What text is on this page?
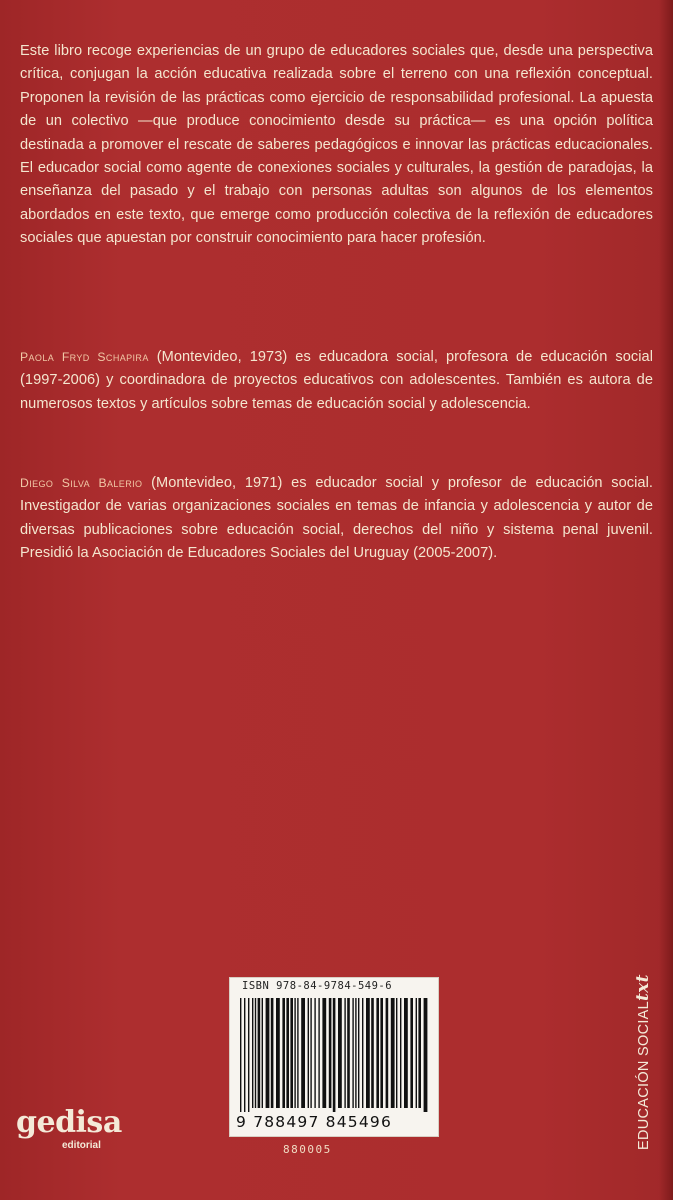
Este libro recoge experiencias de un grupo de educadores sociales que, desde una perspectiva crítica, conjugan la acción educativa realizada sobre el terreno con una reflexión conceptual. Proponen la revisión de las prácticas como ejercicio de responsabilidad profesional. La apuesta de un colectivo —que produce conocimiento desde su práctica— es una opción política destinada a promover el rescate de saberes pedagógicos e innovar las prácticas educacionales. El educador social como agente de conexiones sociales y culturales, la gestión de paradojas, la enseñanza del pasado y el trabajo con personas adultas son algunos de los elementos abordados en este texto, que emerge como producción colectiva de la reflexión de educadores sociales que apuestan por construir conocimiento para hacer profesión.

Paola Fryd Schapira (Montevideo, 1973) es educadora social, profesora de educación social (1997-2006) y coordinadora de proyectos educativos con adolescentes. También es autora de numerosos textos y artículos sobre temas de educación social y adolescencia.

Diego Silva Balerio (Montevideo, 1971) es educador social y profesor de educación social. Investigador de varias organizaciones sociales en temas de infancia y adolescencia y autor de diversas publicaciones sobre educación social, derechos del niño y sistema penal juvenil. Presidió la Asociación de Educadores Sociales del Uruguay (2005-2007).

ISBN 978-84-9784-549-6
9 788497 845496
880005
gedisa
editorial	EDUCACIÓN SOCIALtxt
